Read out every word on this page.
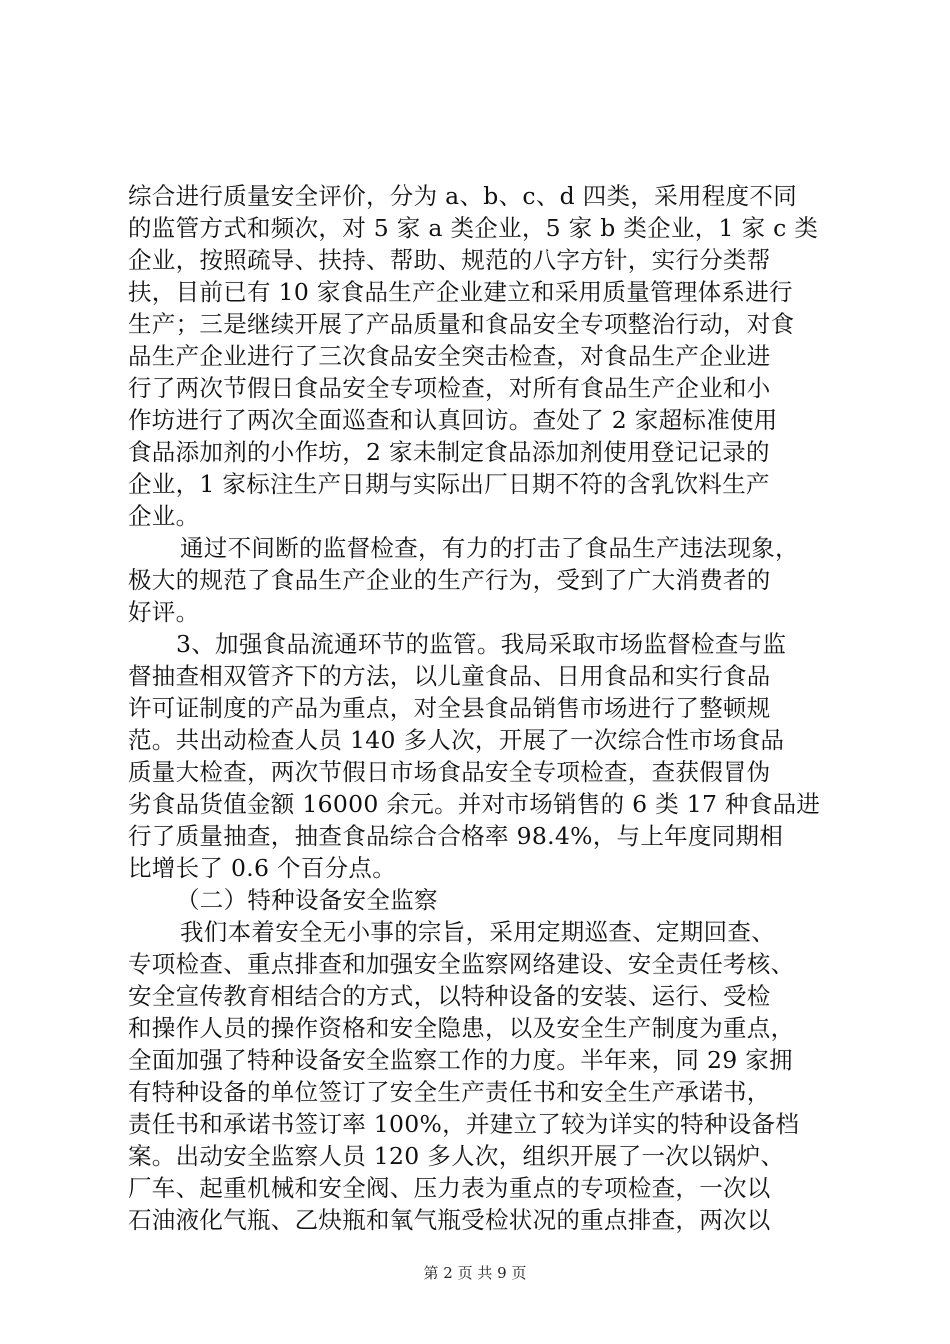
综合进行质量安全评价，分为 a、b、c、d 四类，采用程度不同
的监管方式和频次，对 5 家 a 类企业，5 家 b 类企业，1 家 c 类
企业，按照疏导、扶持、帮助、规范的八字方针，实行分类帮
扶，目前已有 10 家食品生产企业建立和采用质量管理体系进行
生产；三是继续开展了产品质量和食品安全专项整治行动，对食
品生产企业进行了三次食品安全突击检查，对食品生产企业进
行了两次节假日食品安全专项检查，对所有食品生产企业和小
作坊进行了两次全面巡查和认真回访。查处了 2 家超标准使用
食品添加剂的小作坊，2 家未制定食品添加剂使用登记记录的
企业，1 家标注生产日期与实际出厂日期不符的含乳饮料生产
企业。
通过不间断的监督检查，有力的打击了食品生产违法现象，
极大的规范了食品生产企业的生产行为，受到了广大消费者的
好评。
3、加强食品流通环节的监管。我局采取市场监督检查与监
督抽查相双管齐下的方法，以儿童食品、日用食品和实行食品
许可证制度的产品为重点，对全县食品销售市场进行了整顿规
范。共出动检查人员 140 多人次，开展了一次综合性市场食品
质量大检查，两次节假日市场食品安全专项检查，查获假冒伪
劣食品货值金额 16000 余元。并对市场销售的 6 类 17 种食品进
行了质量抽查，抽查食品综合合格率 98.4%，与上年度同期相
比增长了 0.6 个百分点。
（二）特种设备安全监察
我们本着安全无小事的宗旨，采用定期巡查、定期回查、
专项检查、重点排查和加强安全监察网络建设、安全责任考核、
安全宣传教育相结合的方式，以特种设备的安装、运行、受检
和操作人员的操作资格和安全隐患，以及安全生产制度为重点，
全面加强了特种设备安全监察工作的力度。半年来，同 29 家拥
有特种设备的单位签订了安全生产责任书和安全生产承诺书，
责任书和承诺书签订率 100%，并建立了较为详实的特种设备档
案。出动安全监察人员 120 多人次，组织开展了一次以锅炉、
厂车、起重机械和安全阀、压力表为重点的专项检查，一次以
石油液化气瓶、乙炔瓶和氧气瓶受检状况的重点排查，两次以
第 2 页 共 9 页
